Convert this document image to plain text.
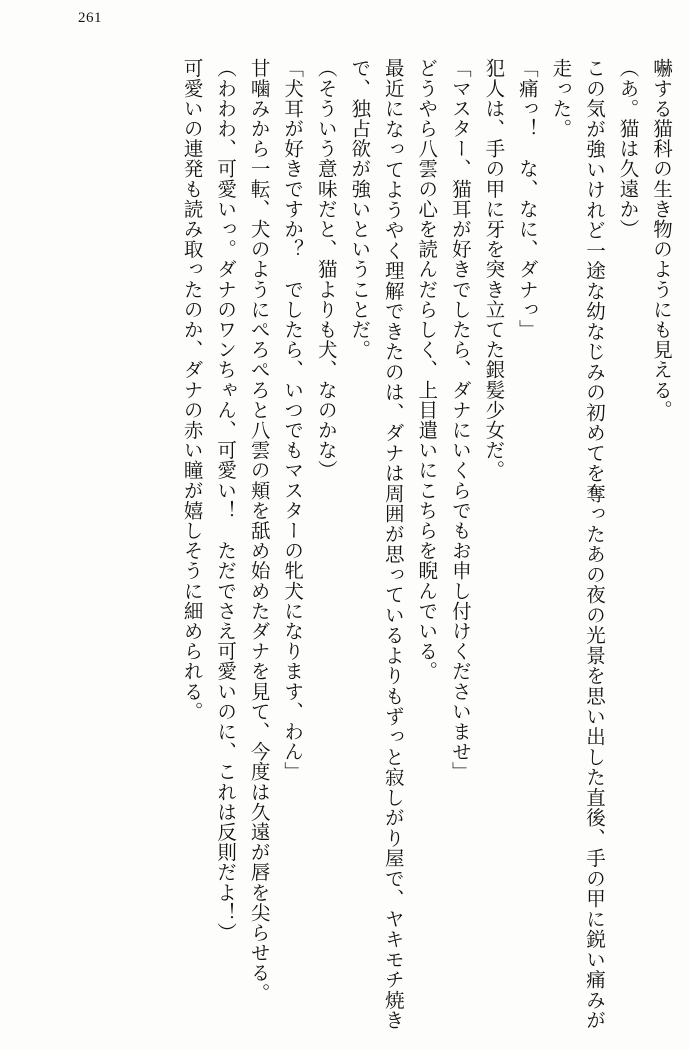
261

嚇する猫科の生き物のようにも見える。

（あ。猫は久遠か）

この気が強いけれど一途な幼なじみの初めてを奪ったあの夜の光景を思い出した直後、手の甲に鋭い痛みが走った。

「痛っ！　な、なに、ダナっ」

犯人は、手の甲に牙を突き立てた銀髪少女だ。

「マスター、猫耳が好きでしたら、ダナにいくらでもお申し付けくださいませ」

どうやら八雲の心を読んだらしく、上目遣いにこちらを睨んでいる。

最近になってようやく理解できたのは、ダナは周囲が思っているよりもずっと寂しがり屋で、ヤキモチ焼きで、独占欲が強いということだ。

（そういう意味だと、猫よりも犬、なのかな）

「犬耳が好きですか？　でしたら、いつでもマスターの牝犬になります、わん」

甘噛みから一転、犬のようにぺろぺろと八雲の頬を舐め始めたダナを見て、今度は久遠が唇を尖らせる。

（わわわ、可愛いっ。ダナのワンちゃん、可愛い！　ただでさえ可愛いのに、これは反則だよ！）

可愛いの連発も読み取ったのか、ダナの赤い瞳が嬉しそうに細められる。
